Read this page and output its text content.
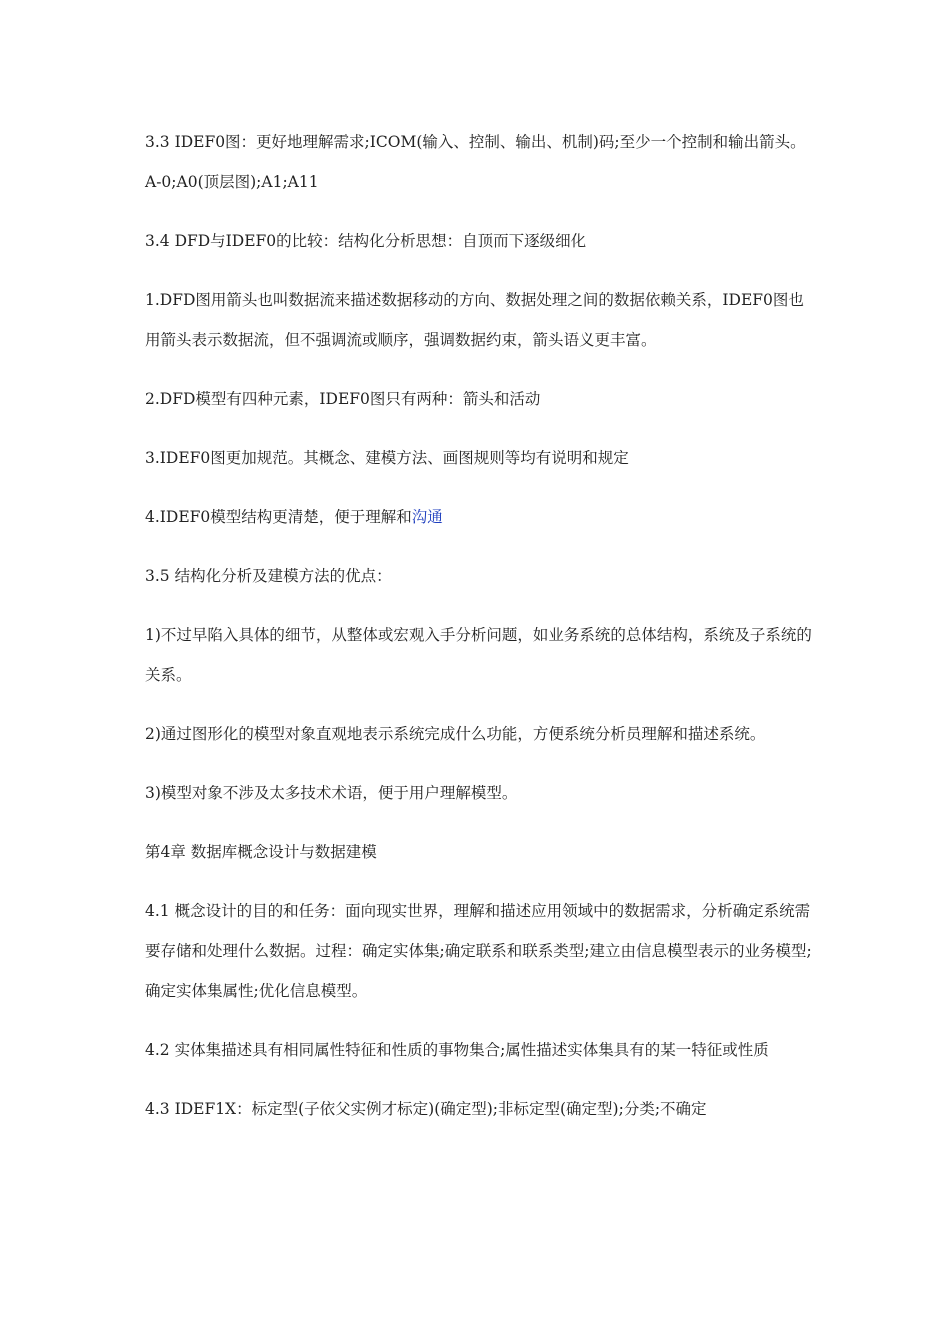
3.3 IDEF0图：更好地理解需求;ICOM(输入、控制、输出、机制)码;至少一个控制和输出箭头。A-0;A0(顶层图);A1;A11

3.4 DFD与IDEF0的比较：结构化分析思想：自顶而下逐级细化

1.DFD图用箭头也叫数据流来描述数据移动的方向、数据处理之间的数据依赖关系，IDEF0图也用箭头表示数据流，但不强调流或顺序，强调数据约束，箭头语义更丰富。

2.DFD模型有四种元素，IDEF0图只有两种：箭头和活动

3.IDEF0图更加规范。其概念、建模方法、画图规则等均有说明和规定

4.IDEF0模型结构更清楚，便于理解和沟通

3.5 结构化分析及建模方法的优点：

1)不过早陷入具体的细节，从整体或宏观入手分析问题，如业务系统的总体结构，系统及子系统的关系。

2)通过图形化的模型对象直观地表示系统完成什么功能，方便系统分析员理解和描述系统。

3)模型对象不涉及太多技术术语，便于用户理解模型。

第4章 数据库概念设计与数据建模

4.1 概念设计的目的和任务：面向现实世界，理解和描述应用领域中的数据需求，分析确定系统需要存储和处理什么数据。过程：确定实体集;确定联系和联系类型;建立由信息模型表示的业务模型;确定实体集属性;优化信息模型。

4.2 实体集描述具有相同属性特征和性质的事物集合;属性描述实体集具有的某一特征或性质

4.3 IDEF1X：标定型(子依父实例才标定)(确定型);非标定型(确定型);分类;不确定
